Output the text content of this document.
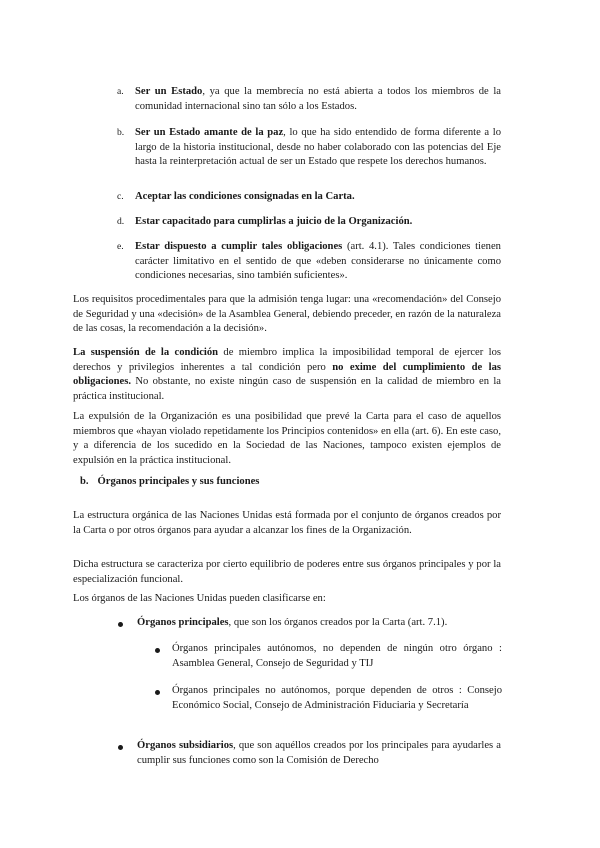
a. Ser un Estado, ya que la membrecía no está abierta a todos los miembros de la comunidad internacional sino tan sólo a los Estados.
b. Ser un Estado amante de la paz, lo que ha sido entendido de forma diferente a lo largo de la historia institucional, desde no haber colaborado con las potencias del Eje hasta la reinterpretación actual de ser un Estado que respete los derechos humanos.
c. Aceptar las condiciones consignadas en la Carta.
d. Estar capacitado para cumplirlas a juicio de la Organización.
e. Estar dispuesto a cumplir tales obligaciones (art. 4.1). Tales condiciones tienen carácter limitativo en el sentido de que «deben considerarse no únicamente como condiciones necesarias, sino también suficientes».

Los requisitos procedimentales para que la admisión tenga lugar: una «recomendación» del Consejo de Seguridad y una «decisión» de la Asamblea General, debiendo preceder, en razón de la naturaleza de las cosas, la recomendación a la decisión».

La suspensión de la condición de miembro implica la imposibilidad temporal de ejercer los derechos y privilegios inherentes a tal condición pero no exime del cumplimiento de las obligaciones. No obstante, no existe ningún caso de suspensión en la calidad de miembro en la práctica institucional.

La expulsión de la Organización es una posibilidad que prevé la Carta para el caso de aquellos miembros que «hayan violado repetidamente los Principios contenidos» en ella (art. 6). En este caso, y a diferencia de los sucedido en la Sociedad de las Naciones, tampoco existen ejemplos de expulsión en la práctica institucional.

b. Órganos principales y sus funciones

La estructura orgánica de las Naciones Unidas está formada por el conjunto de órganos creados por la Carta o por otros órganos para ayudar a alcanzar los fines de la Organización.

Dicha estructura se caracteriza por cierto equilibrio de poderes entre sus órganos principales y por la especialización funcional.

Los órganos de las Naciones Unidas pueden clasificarse en:

Órganos principales, que son los órganos creados por la Carta (art. 7.1).
Órganos principales autónomos, no dependen de ningún otro órgano : Asamblea General, Consejo de Seguridad y TIJ
Órganos principales no autónomos, porque dependen de otros : Consejo Económico Social, Consejo de Administración Fiduciaria y Secretaría
Órganos subsidiarios, que son aquéllos creados por los principales para ayudarles a cumplir sus funciones como son la Comisión de Derecho
